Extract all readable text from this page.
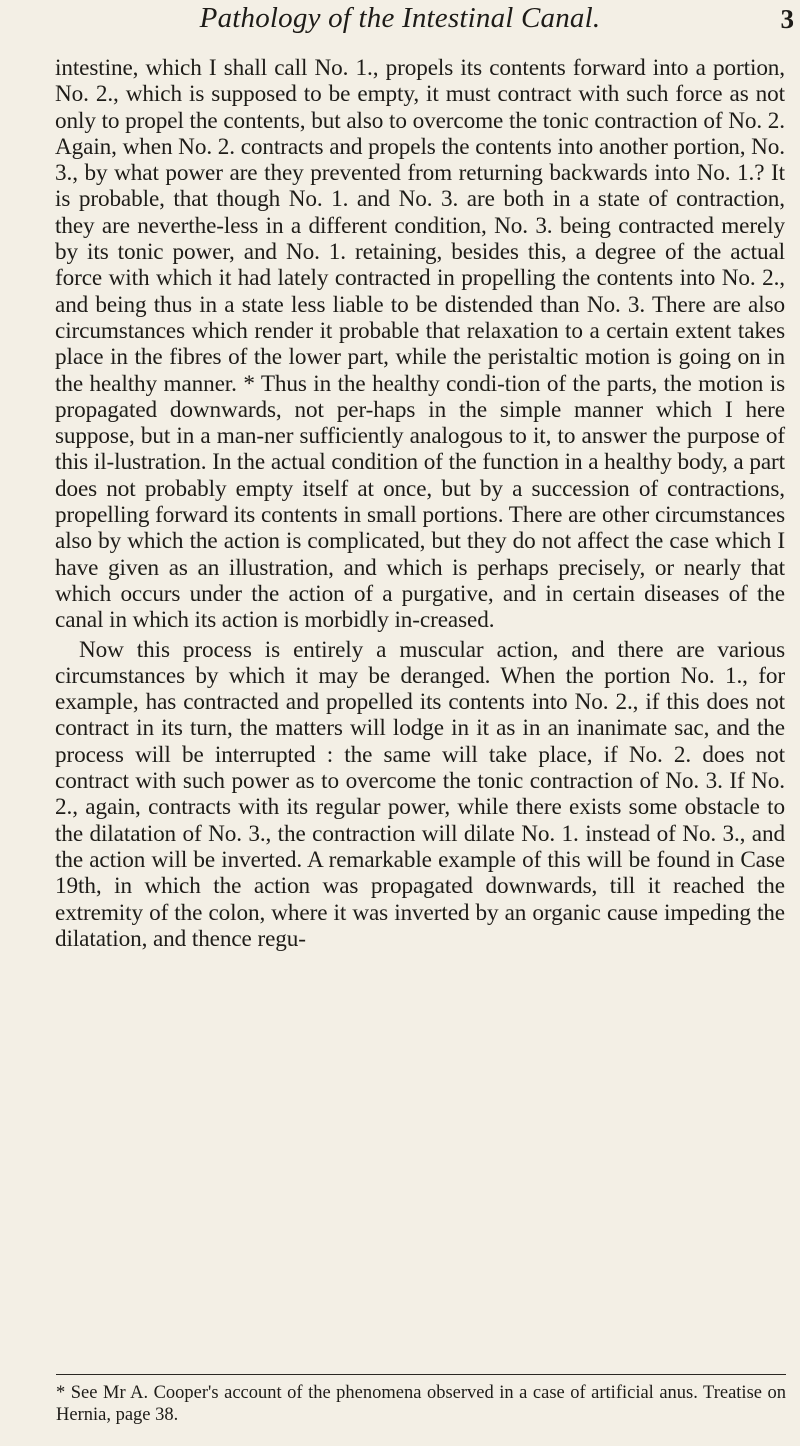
Pathology of the Intestinal Canal.	3

intestine, which I shall call No. 1., propels its contents forward into a portion, No. 2., which is supposed to be empty, it must contract with such force as not only to propel the contents, but also to overcome the tonic contraction of No. 2. Again, when No. 2. contracts and propels the contents into another portion, No. 3., by what power are they prevented from returning backwards into No. 1.? It is probable, that though No. 1. and No. 3. are both in a state of contraction, they are neverthe-less in a different condition, No. 3. being contracted merely by its tonic power, and No. 1. retaining, besides this, a degree of the actual force with which it had lately contracted in propelling the contents into No. 2., and being thus in a state less liable to be distended than No. 3. There are also circumstances which render it probable that relaxation to a certain extent takes place in the fibres of the lower part, while the peristaltic motion is going on in the healthy manner. * Thus in the healthy condi-tion of the parts, the motion is propagated downwards, not per-haps in the simple manner which I here suppose, but in a man-ner sufficiently analogous to it, to answer the purpose of this il-lustration. In the actual condition of the function in a healthy body, a part does not probably empty itself at once, but by a succession of contractions, propelling forward its contents in small portions. There are other circumstances also by which the action is complicated, but they do not affect the case which I have given as an illustration, and which is perhaps precisely, or nearly that which occurs under the action of a purgative, and in certain diseases of the canal in which its action is morbidly in-creased.

Now this process is entirely a muscular action, and there are various circumstances by which it may be deranged. When the portion No. 1., for example, has contracted and propelled its contents into No. 2., if this does not contract in its turn, the matters will lodge in it as in an inanimate sac, and the process will be interrupted : the same will take place, if No. 2. does not contract with such power as to overcome the tonic contraction of No. 3. If No. 2., again, contracts with its regular power, while there exists some obstacle to the dilatation of No. 3., the contraction will dilate No. 1. instead of No. 3., and the action will be inverted. A remarkable example of this will be found in Case 19th, in which the action was propagated downwards, till it reached the extremity of the colon, where it was inverted by an organic cause impeding the dilatation, and thence regu-

* See Mr A. Cooper's account of the phenomena observed in a case of artificial anus. Treatise on Hernia, page 38.
